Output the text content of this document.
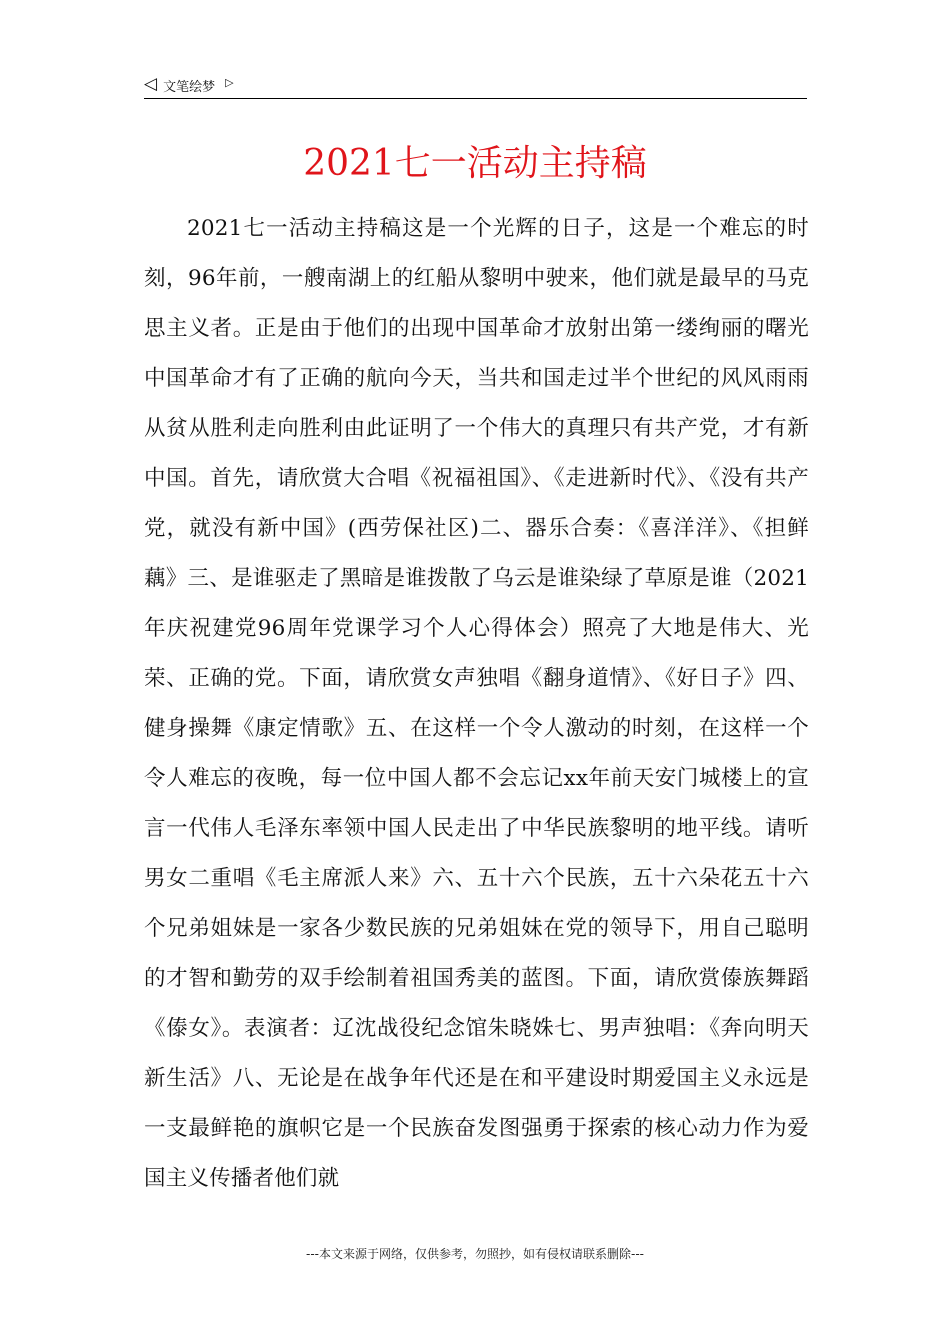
◁ 文笔绘梦 ▷
2021七一活动主持稿

2021七一活动主持稿这是一个光辉的日子，这是一个难忘的时刻，96年前，一艘南湖上的红船从黎明中驶来，他们就是最早的马克思主义者。正是由于他们的出现中国革命才放射出第一缕绚丽的曙光中国革命才有了正确的航向今天，当共和国走过半个世纪的风风雨雨从贫从胜利走向胜利由此证明了一个伟大的真理只有共产党，才有新中国。首先，请欣赏大合唱《祝福祖国》、《走进新时代》、《没有共产党，就没有新中国》(西劳保社区)二、器乐合奏：《喜洋洋》、《担鲜藕》三、是谁驱走了黑暗是谁拨散了乌云是谁染绿了草原是谁（2021年庆祝建党96周年党课学习个人心得体会）照亮了大地是伟大、光荣、正确的党。下面，请欣赏女声独唱《翻身道情》、《好日子》四、健身操舞《康定情歌》五、在这样一个令人激动的时刻，在这样一个令人难忘的夜晚，每一位中国人都不会忘记xx年前天安门城楼上的宣言一代伟人毛泽东率领中国人民走出了中华民族黎明的地平线。请听男女二重唱《毛主席派人来》六、五十六个民族，五十六朵花五十六个兄弟姐妹是一家各少数民族的兄弟姐妹在党的领导下，用自己聪明的才智和勤劳的双手绘制着祖国秀美的蓝图。下面，请欣赏傣族舞蹈《傣女》。表演者：辽沈战役纪念馆朱晓姝七、男声独唱：《奔向明天新生活》八、无论是在战争年代还是在和平建设时期爱国主义永远是一支最鲜艳的旗帜它是一个民族奋发图强勇于探索的核心动力作为爱国主义传播者他们就

---本文来源于网络，仅供参考，勿照抄，如有侵权请联系删除---
